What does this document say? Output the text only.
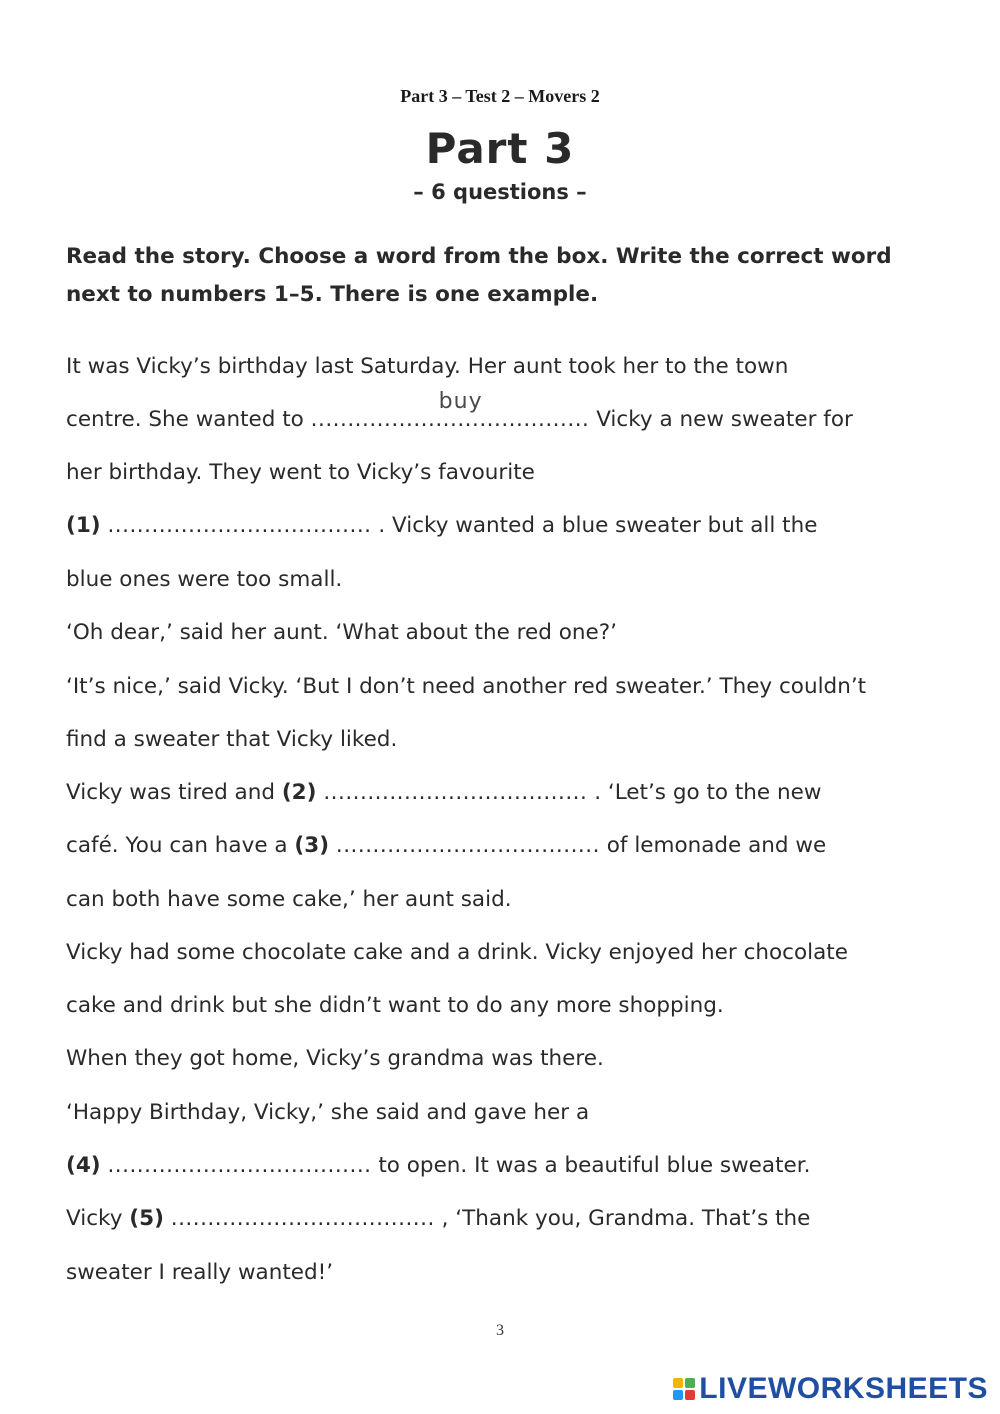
Part 3 – Test 2 – Movers 2
Part 3
– 6 questions –
Read the story. Choose a word from the box. Write the correct word next to numbers 1–5. There is one example.
It was Vicky’s birthday last Saturday. Her aunt took her to the town
centre. She wanted to ......................................
buy
Vicky a new sweater for
her birthday. They went to Vicky’s favourite
(1) .................................... . Vicky wanted a blue sweater but all the
blue ones were too small.
‘Oh dear,’ said her aunt. ‘What about the red one?’
‘It’s nice,’ said Vicky. ‘But I don’t need another red sweater.’ They couldn’t
find a sweater that Vicky liked.
Vicky was tired and (2) .................................... . ‘Let’s go to the new
café. You can have a (3) .................................... of lemonade and we
can both have some cake,’ her aunt said.
Vicky had some chocolate cake and a drink. Vicky enjoyed her chocolate
cake and drink but she didn’t want to do any more shopping.
When they got home, Vicky’s grandma was there.
‘Happy Birthday, Vicky,’ she said and gave her a
(4) .................................... to open. It was a beautiful blue sweater.
Vicky (5) .................................... , ‘Thank you, Grandma. That’s the
sweater I really wanted!’
3
LIVEWORKSHEETS
